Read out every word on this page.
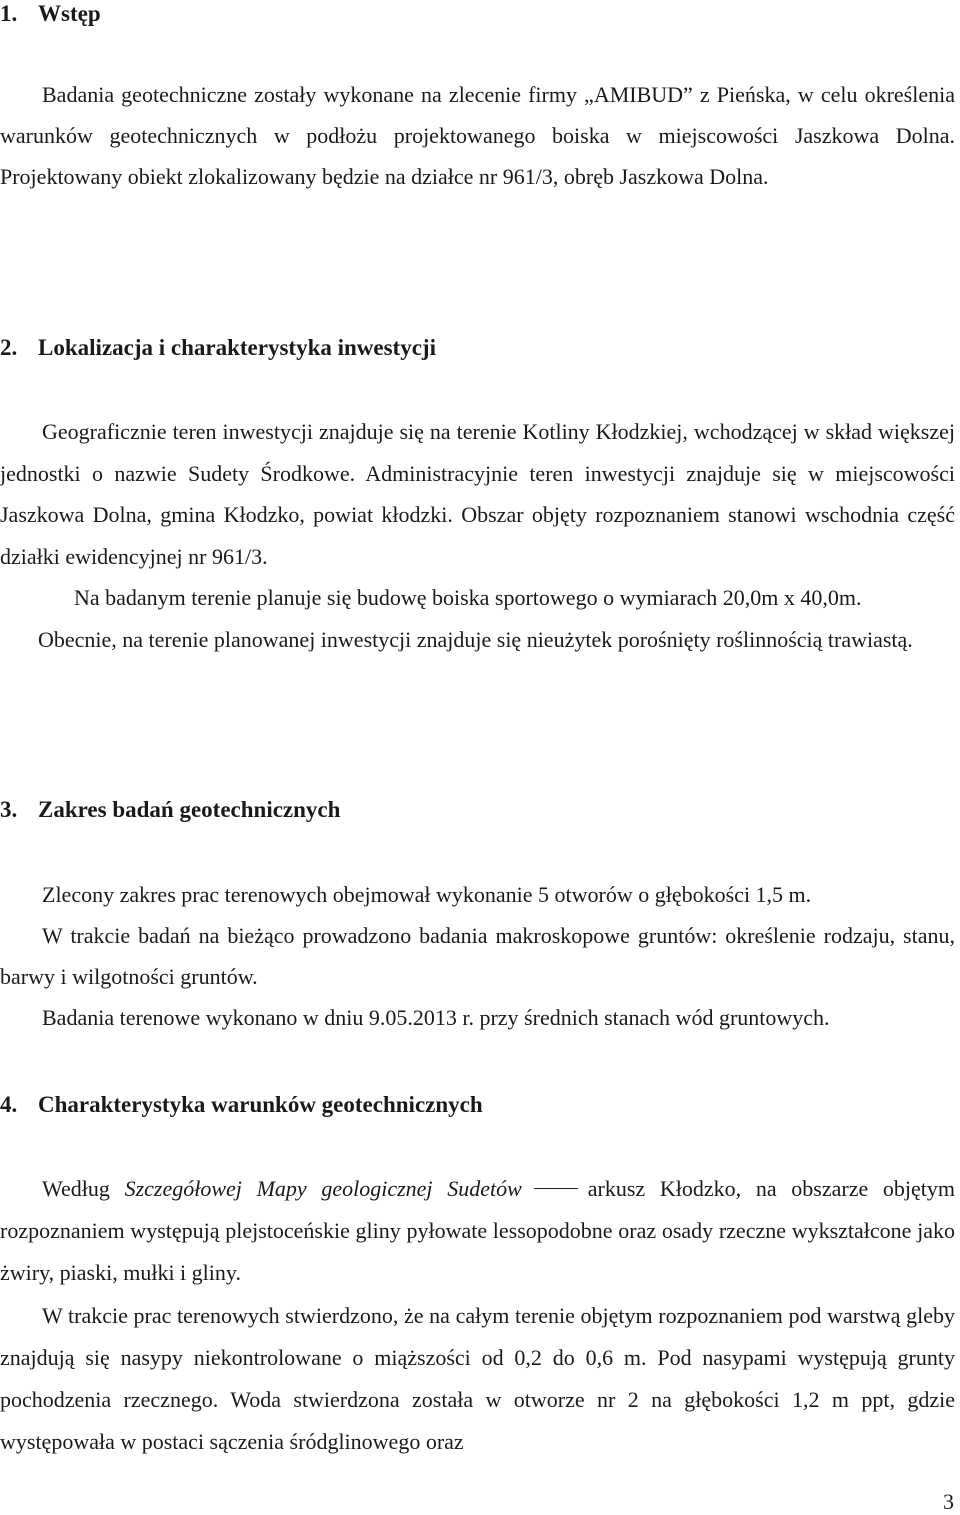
1. Wstęp

Badania geotechniczne zostały wykonane na zlecenie firmy „AMIBUD” z Pieńska, w celu określenia warunków geotechnicznych w podłożu projektowanego boiska w miejscowości Jaszkowa Dolna. Projektowany obiekt zlokalizowany będzie na działce nr 961/3, obręb Jaszkowa Dolna.

2. Lokalizacja i charakterystyka inwestycji

Geograficznie teren inwestycji znajduje się na terenie Kotliny Kłodzkiej, wchodzącej w skład większej jednostki o nazwie Sudety Środkowe. Administracyjnie teren inwestycji znajduje się w miejscowości Jaszkowa Dolna, gmina Kłodzko, powiat kłodzki. Obszar objęty rozpoznaniem stanowi wschodnia część działki ewidencyjnej nr 961/3.

Na badanym terenie planuje się budowę boiska sportowego o wymiarach 20,0m x 40,0m.

Obecnie, na terenie planowanej inwestycji znajduje się nieużytek porośnięty roślinnością trawiastą.

3. Zakres badań geotechnicznych

Zlecony zakres prac terenowych obejmował wykonanie 5 otworów o głębokości 1,5 m.

W trakcie badań na bieżąco prowadzono badania makroskopowe gruntów: określenie rodzaju, stanu, barwy i wilgotności gruntów.

Badania terenowe wykonano w dniu 9.05.2013 r. przy średnich stanach wód gruntowych.

4. Charakterystyka warunków geotechnicznych

Według Szczegółowej Mapy geologicznej Sudetów	arkusz Kłodzko, na obszarze objętym rozpoznaniem występują plejstoceńskie gliny pyłowate lessopodobne oraz osady rzeczne wykształcone jako żwiry, piaski, mułki i gliny.

W trakcie prac terenowych stwierdzono, że na całym terenie objętym rozpoznaniem pod warstwą gleby znajdują się nasypy niekontrolowane o miąższości od 0,2 do 0,6 m. Pod nasypami występują grunty pochodzenia rzecznego. Woda stwierdzona została w otworze nr 2 na głębokości 1,2 m ppt, gdzie występowała w postaci sączenia śródglinowego oraz

3
